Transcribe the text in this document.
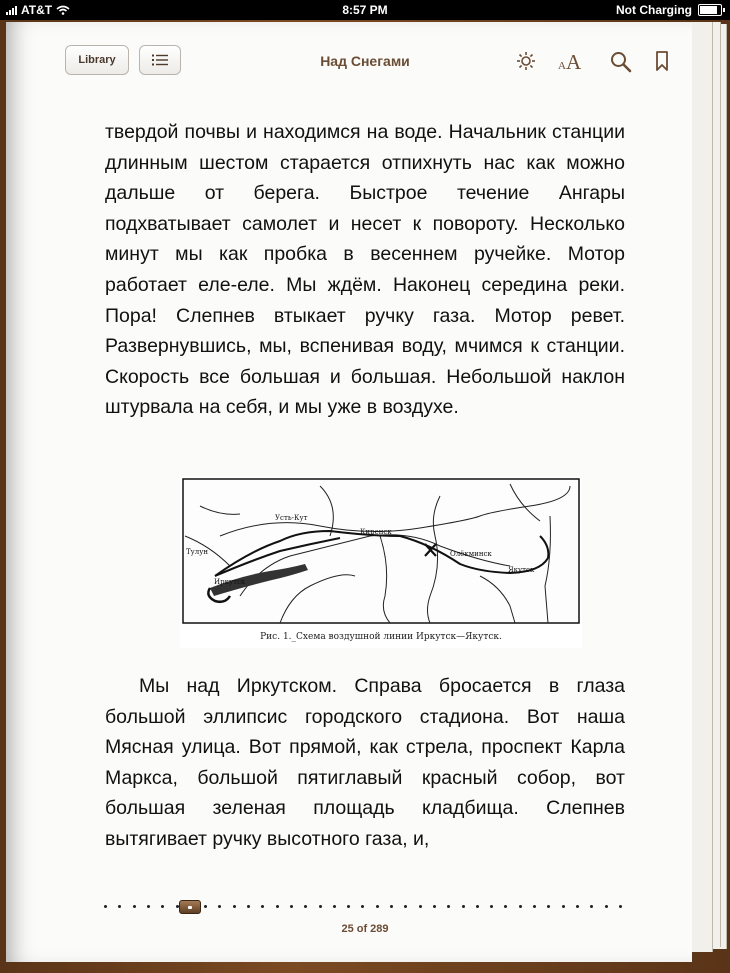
AT&T	8:57 PM	Not Charging
Library	Над Снегами	AA

твердой почвы и находимся на воде. Начальник станции длинным шестом старается отпихнуть нас как можно дальше от берега. Быстрое течение Ангары подхватывает самолет и несет к повороту. Несколько минут мы как пробка в весеннем ручейке. Мотор работает еле-еле. Мы ждём. Наконец середина реки. Пора! Слепнев втыкает ручку газа. Мотор ревет. Развернувшись, мы, вспенивая воду, мчимся к станции. Скорость все большая и большая. Небольшой наклон штурвала на себя, и мы уже в воздухе.

Иркутск
Якутск
Усть-Кут
Киренск
Олёкминск
Тулун
Рис. 1._Схема воздушной линии Иркутск—Якутск.

Мы над Иркутском. Справа бросается в глаза большой эллипсис городского стадиона. Вот наша Мясная улица. Вот прямой, как стрела, проспект Карла Маркса, большой пятиглавый красный собор, вот большая зеленая площадь кладбища. Слепнев вытягивает ручку высотного газа, и,

25 of 289
